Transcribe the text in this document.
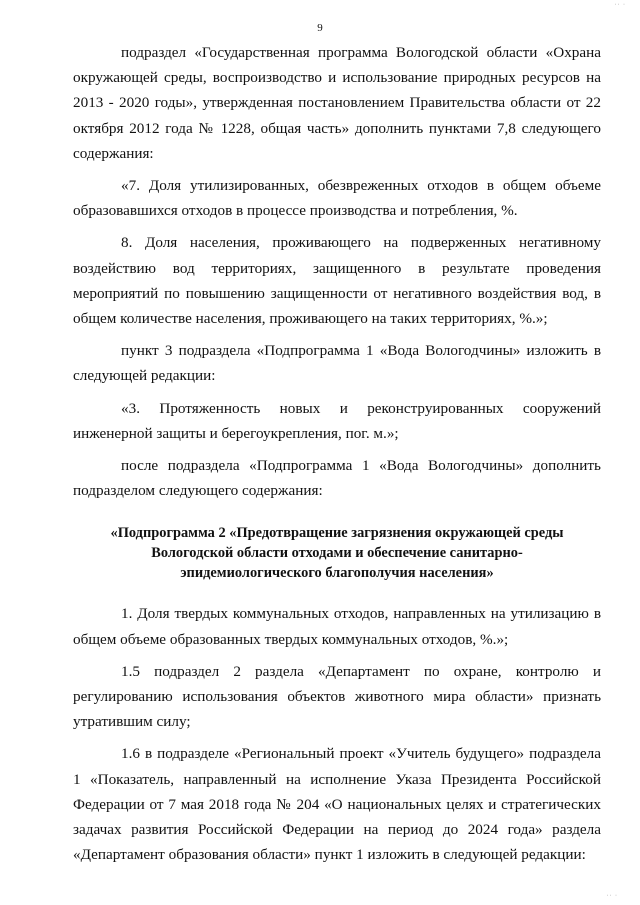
·· ·
9

подраздел «Государственная программа Вологодской области «Охрана окружающей среды, воспроизводство и использование природных ресурсов на 2013 - 2020 годы», утвержденная постановлением Правительства области от 22 октября 2012 года № 1228, общая часть» дополнить пунктами 7,8 следующего содержания:

«7. Доля утилизированных, обезвреженных отходов в общем объеме образовавшихся отходов в процессе производства и потребления, %.

8. Доля населения, проживающего на подверженных негативному воздействию вод территориях, защищенного в результате проведения мероприятий по повышению защищенности от негативного воздействия вод, в общем количестве населения, проживающего на таких территориях, %.»;

пункт 3 подраздела «Подпрограмма 1 «Вода Вологодчины» изложить в следующей редакции:

«3. Протяженность новых и реконструированных сооружений инженерной защиты и берегоукрепления, пог. м.»;

после подраздела «Подпрограмма 1 «Вода Вологодчины» дополнить подразделом следующего содержания:

«Подпрограмма 2 «Предотвращение загрязнения окружающей среды Вологодской области отходами и обеспечение санитарно-эпидемиологического благополучия населения»

1. Доля твердых коммунальных отходов, направленных на утилизацию в общем объеме образованных твердых коммунальных отходов, %.»;

1.5 подраздел 2 раздела «Департамент по охране, контролю и регулированию использования объектов животного мира области» признать утратившим силу;

1.6 в подразделе «Региональный проект «Учитель будущего» подраздела 1 «Показатель, направленный на исполнение Указа Президента Российской Федерации от 7 мая 2018 года № 204 «О национальных целях и стратегических задачах развития Российской Федерации на период до 2024 года» раздела «Департамент образования области» пункт 1 изложить в следующей редакции:

·· ·
